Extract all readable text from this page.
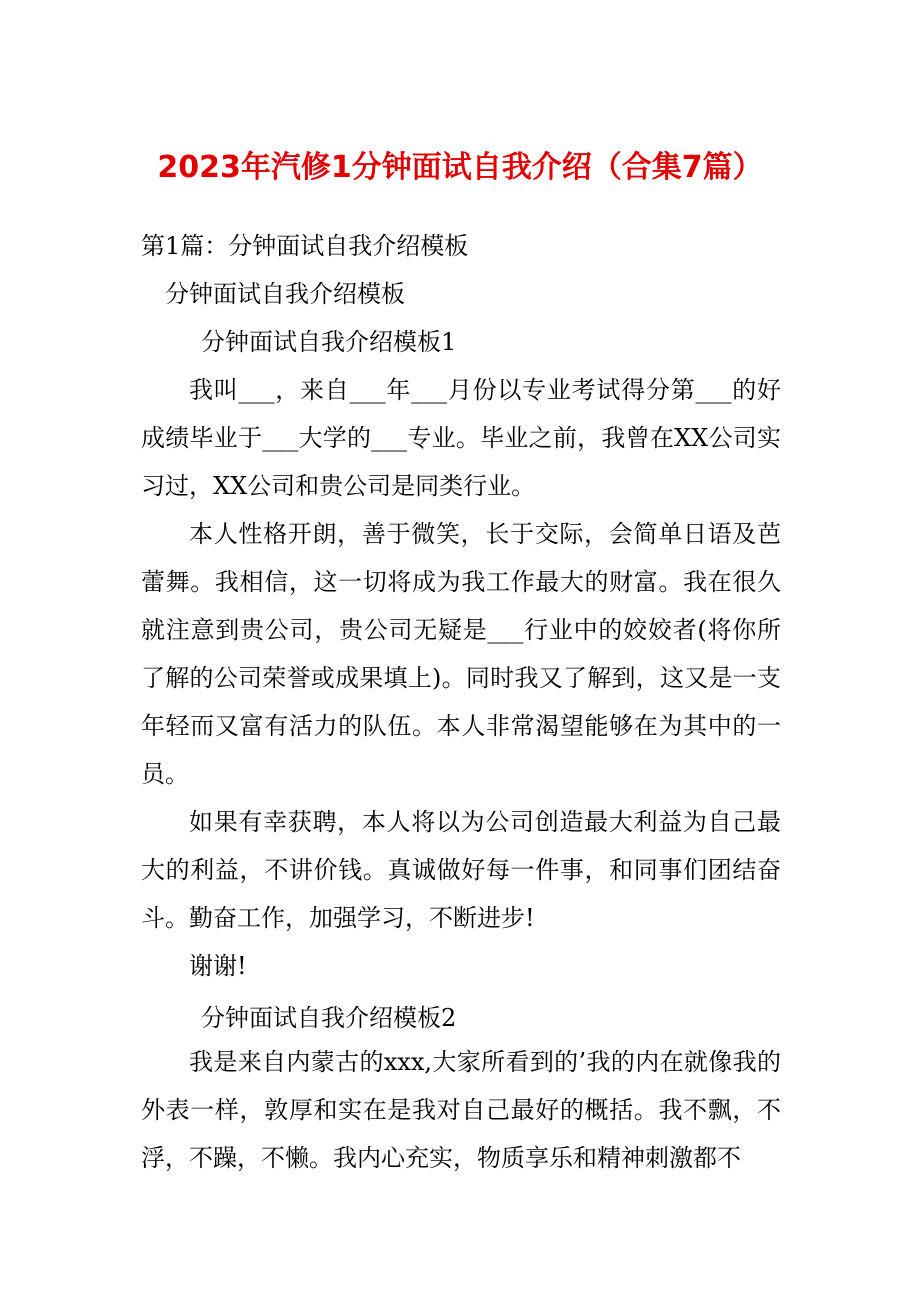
2023年汽修1分钟面试自我介绍（合集7篇）
第1篇：分钟面试自我介绍模板
分钟面试自我介绍模板
分钟面试自我介绍模板1
我叫___，来自___年___月份以专业考试得分第___的好成绩毕业于___大学的___专业。毕业之前，我曾在XX公司实习过，XX公司和贵公司是同类行业。
本人性格开朗，善于微笑，长于交际，会简单日语及芭蕾舞。我相信，这一切将成为我工作最大的财富。我在很久就注意到贵公司，贵公司无疑是___行业中的姣姣者(将你所了解的公司荣誉或成果填上)。同时我又了解到，这又是一支年轻而又富有活力的队伍。本人非常渴望能够在为其中的一员。
如果有幸获聘，本人将以为公司创造最大利益为自己最大的利益，不讲价钱。真诚做好每一件事，和同事们团结奋斗。勤奋工作，加强学习，不断进步!
谢谢!
分钟面试自我介绍模板2
我是来自内蒙古的xxx,大家所看到的’我的内在就像我的外表一样，敦厚和实在是我对自己最好的概括。我不飘，不浮，不躁，不懒。我内心充实，物质享乐和精神刺激都不
